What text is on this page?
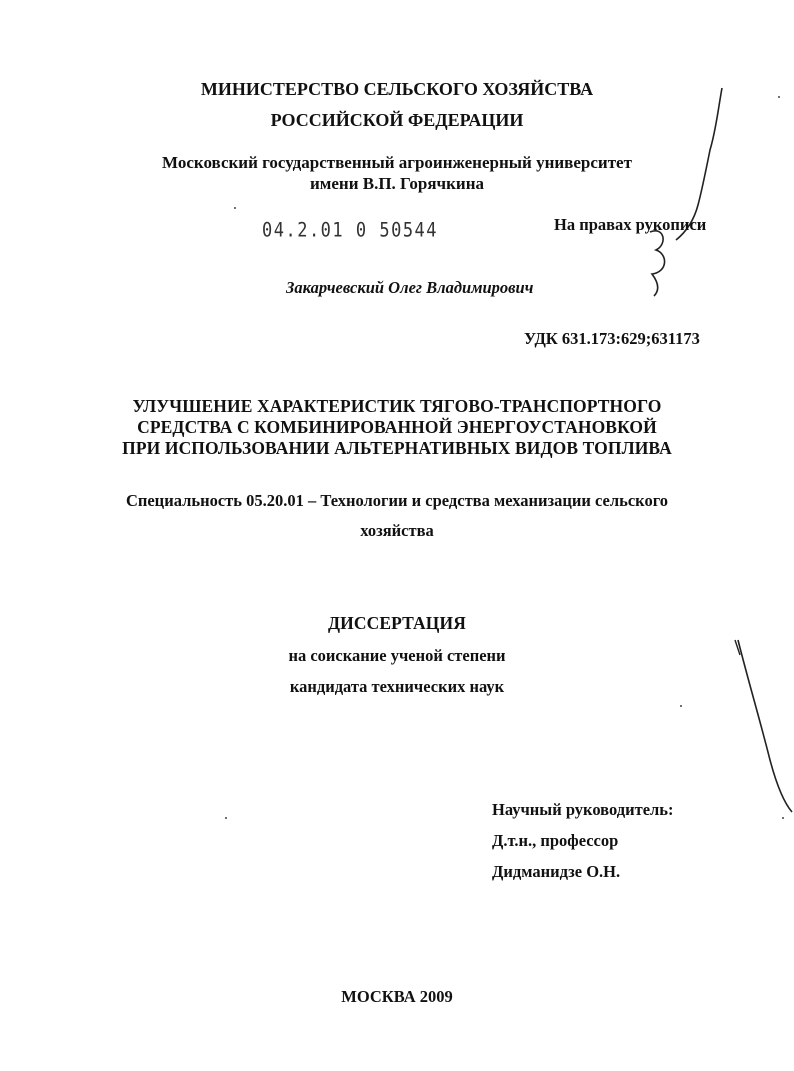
МИНИСТЕРСТВО СЕЛЬСКОГО ХОЗЯЙСТВА
РОССИЙСКОЙ ФЕДЕРАЦИИ
Московский государственный агроинженерный университет
имени В.П. Горячкина
04.2.01 0 50544	На правах рукописи
Закарчевский Олег Владимирович
УДК 631.173:629;631173
УЛУЧШЕНИЕ ХАРАКТЕРИСТИК ТЯГОВО-ТРАНСПОРТНОГО
СРЕДСТВА С КОМБИНИРОВАННОЙ ЭНЕРГОУСТАНОВКОЙ
ПРИ ИСПОЛЬЗОВАНИИ АЛЬТЕРНАТИВНЫХ ВИДОВ ТОПЛИВА
Специальность 05.20.01 – Технологии и средства механизации сельского
хозяйства
ДИССЕРТАЦИЯ
на соискание ученой степени
кандидата технических наук
Научный руководитель:
Д.т.н., профессор
Дидманидзе О.Н.
МОСКВА 2009
